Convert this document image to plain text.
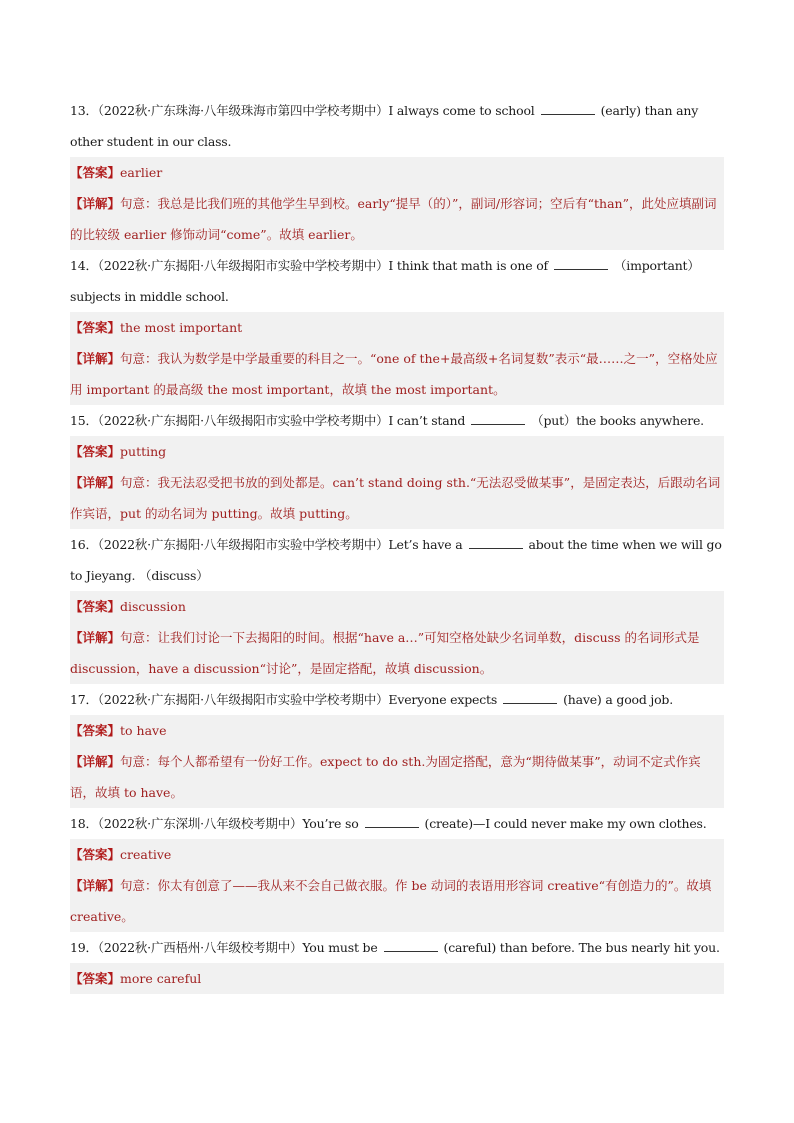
13．（2022秋·广东珠海·八年级珠海市第四中学校考期中）I always come to school	(early) than any other student in our class.
【答案】earlier
【详解】句意：我总是比我们班的其他学生早到校。early“提早（的）”，副词/形容词；空后有“than”，此处应填副词的比较级 earlier 修饰动词“come”。故填 earlier。
14．（2022秋·广东揭阳·八年级揭阳市实验中学校考期中）I think that math is one of	（important） subjects in middle school.
【答案】the most important
【详解】句意：我认为数学是中学最重要的科目之一。“one of the+最高级+名词复数”表示“最……之一”，空格处应用 important 的最高级 the most important，故填 the most important。
15．（2022秋·广东揭阳·八年级揭阳市实验中学校考期中）I can’t stand	（put）the books anywhere.
【答案】putting
【详解】句意：我无法忍受把书放的到处都是。can’t stand doing sth.“无法忍受做某事”，是固定表达，后跟动名词作宾语，put 的动名词为 putting。故填 putting。
16．（2022秋·广东揭阳·八年级揭阳市实验中学校考期中）Let’s have a	about the time when we will go to Jieyang. （discuss）
【答案】discussion
【详解】句意：让我们讨论一下去揭阳的时间。根据“have a…”可知空格处缺少名词单数，discuss 的名词形式是 discussion，have a discussion“讨论”，是固定搭配，故填 discussion。
17．（2022秋·广东揭阳·八年级揭阳市实验中学校考期中）Everyone expects	(have) a good job.
【答案】to have
【详解】句意：每个人都希望有一份好工作。expect to do sth.为固定搭配，意为“期待做某事”，动词不定式作宾语，故填 to have。
18．（2022秋·广东深圳·八年级校考期中）You’re so	(create)—I could never make my own clothes.
【答案】creative
【详解】句意：你太有创意了——我从来不会自己做衣服。作 be 动词的表语用形容词 creative“有创造力的”。故填 creative。
19．（2022秋·广西梧州·八年级校考期中）You must be	(careful) than before. The bus nearly hit you.
【答案】more careful
